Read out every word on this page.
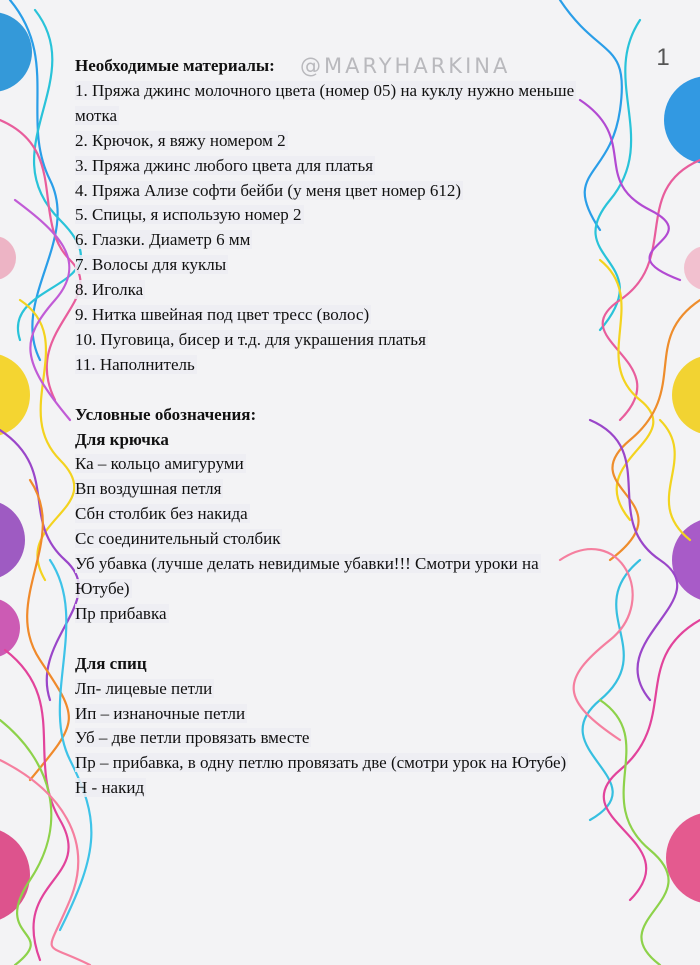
1
@MARYHARKINA
Необходимые материалы:
1. Пряжа джинс молочного цвета (номер 05) на куклу нужно меньше
мотка
2. Крючок, я вяжу номером 2
3. Пряжа джинс любого цвета для платья
4. Пряжа Ализе софти бейби (у меня цвет номер 612)
5. Спицы, я использую номер 2
6. Глазки. Диаметр 6 мм
7. Волосы для куклы
8. Иголка
9. Нитка швейная под цвет тресс (волос)
10. Пуговица, бисер и т.д. для украшения платья
11. Наполнитель
Условные обозначения:
Для крючка
Ка – кольцо амигуруми
Вп воздушная петля
Сбн столбик без накида
Сс соединительный столбик
Уб убавка (лучше делать невидимые убавки!!! Смотри уроки на
Ютубе)
Пр прибавка
Для спиц
Лп- лицевые петли
Ип – изнаночные петли
Уб – две петли провязать вместе
Пр – прибавка, в одну петлю провязать две (смотри урок на Ютубе)
Н - накид
